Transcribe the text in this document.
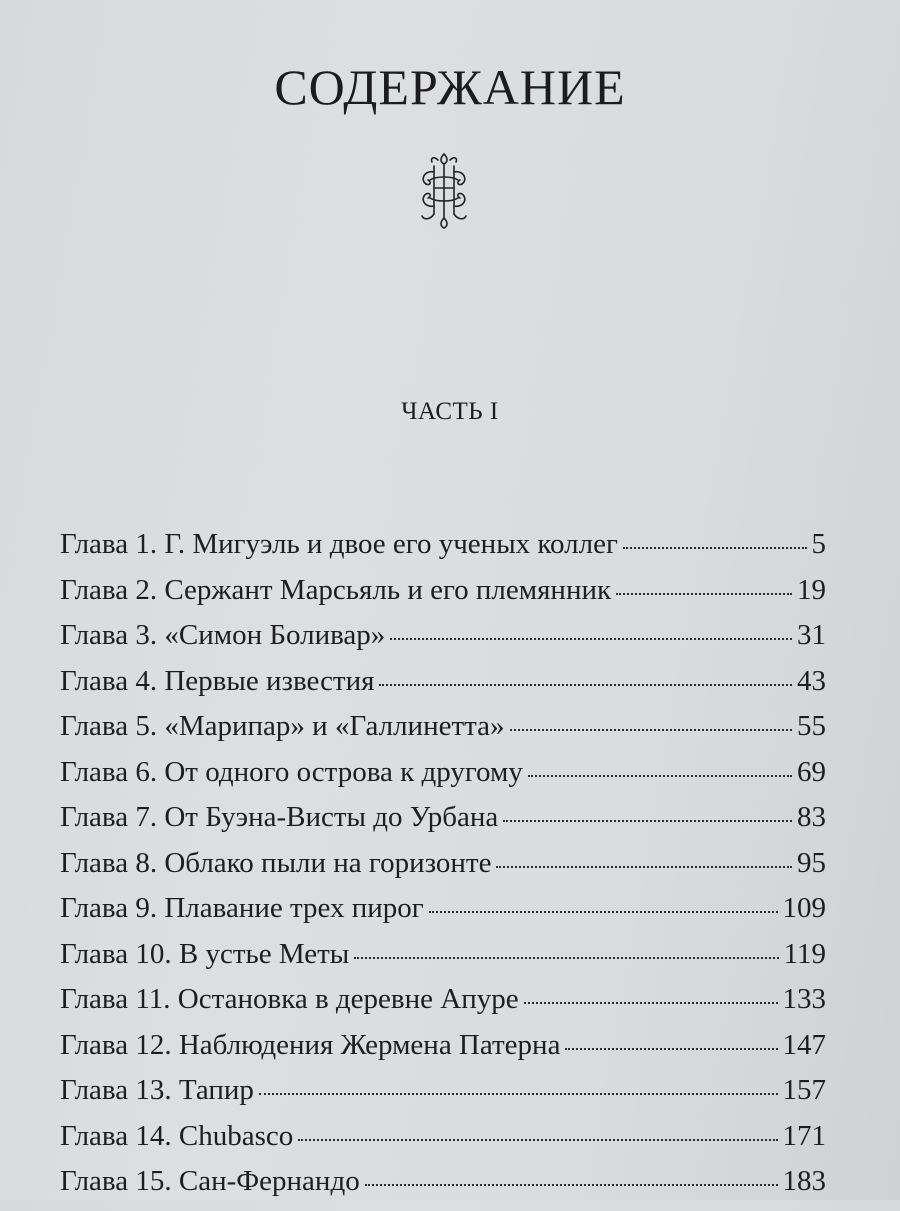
СОДЕРЖАНИЕ
ЧАСТЬ I
Глава 1. Г. Мигуэль и двое его ученых коллег	5
Глава 2. Сержант Марсьяль и его племянник	19
Глава 3. «Симон Боливар»	31
Глава 4. Первые известия	43
Глава 5. «Марипар» и «Галлинетта»	55
Глава 6. От одного острова к другому	69
Глава 7. От Буэна-Висты до Урбана	83
Глава 8. Облако пыли на горизонте	95
Глава 9. Плавание трех пирог	109
Глава 10. В устье Меты	119
Глава 11. Остановка в деревне Апуре	133
Глава 12. Наблюдения Жермена Патерна	147
Глава 13. Тапир	157
Глава 14. Chubasco	171
Глава 15. Сан-Фернандо	183
